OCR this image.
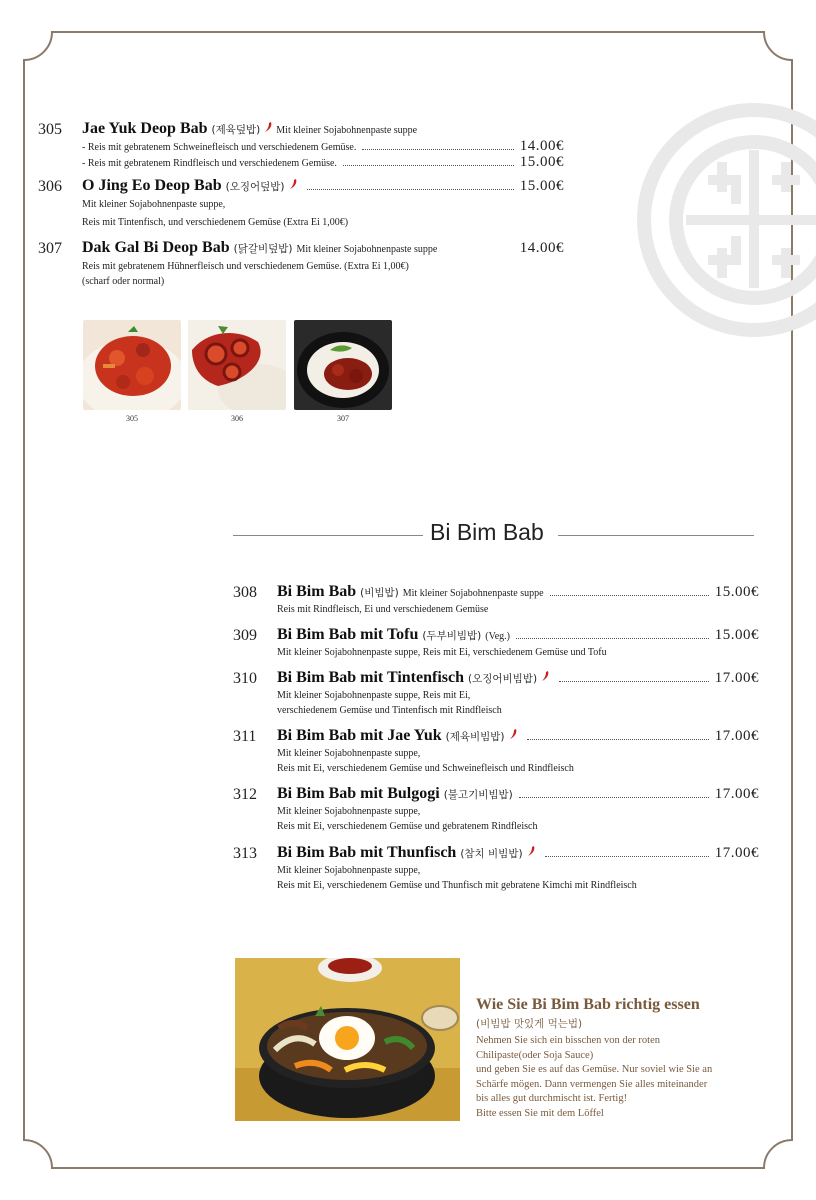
305 Jae Yuk Deop Bab
(제육덮밥) Mit kleiner Sojabohnenpaste suppe
- Reis mit gebratenem Schweinefleisch und verschiedenem Gemüse.	14.00€
- Reis mit gebratenem Rindfleisch und verschiedenem Gemüse.	15.00€
306 O Jing Eo Deop Bab
(오징어덮밥)	15.00€
Mit kleiner Sojabohnenpaste suppe,
Reis mit Tintenfisch, und verschiedenem Gemüse (Extra Ei 1,00€)
307 Dak Gal Bi Deop Bab
(닭갈비덮밥)
Mit kleiner Sojabohnenpaste suppe	14.00€
Reis mit gebratenem Hühnerfleisch und verschiedenem Gemüse. (Extra Ei 1,00€)
(scharf oder normal)
305	306	307
Bi Bim Bab
308 Bi Bim Bab
(비빔밥)
Mit kleiner Sojabohnenpaste suppe	15.00€
Reis mit Rindfleisch, Ei und verschiedenem Gemüse
309 Bi Bim Bab mit Tofu
(두부비빔밥)
(Veg.)	15.00€
Mit kleiner Sojabohnenpaste suppe, Reis mit Ei, verschiedenem Gemüse und Tofu
310 Bi Bim Bab mit Tintenfisch
(오징어비빔밥)	17.00€
Mit kleiner Sojabohnenpaste suppe, Reis mit Ei,
verschiedenem Gemüse und Tintenfisch mit Rindfleisch
311 Bi Bim Bab mit Jae Yuk
(제육비빔밥)	17.00€
Mit kleiner Sojabohnenpaste suppe,
Reis mit Ei, verschiedenem Gemüse und Schweinefleisch und Rindfleisch
312 Bi Bim Bab mit Bulgogi
(불고기비빔밥)	17.00€
Mit kleiner Sojabohnenpaste suppe,
Reis mit Ei, verschiedenem Gemüse und gebratenem Rindfleisch
313 Bi Bim Bab mit Thunfisch
(참치 비빔밥)	17.00€
Mit kleiner Sojabohnenpaste suppe,
Reis mit Ei, verschiedenem Gemüse und Thunfisch mit gebratene Kimchi mit Rindfleisch
Wie Sie Bi Bim Bab richtig essen
(비빔밥 맛있게 먹는법)
Nehmen Sie sich ein bisschen von der roten
Chilipaste(oder Soja Sauce)
und geben Sie es auf das Gemüse. Nur soviel wie Sie an
Schärfe mögen. Dann vermengen Sie alles miteinander
bis alles gut durchmischt ist. Fertig!
Bitte essen Sie mit dem Löffel
